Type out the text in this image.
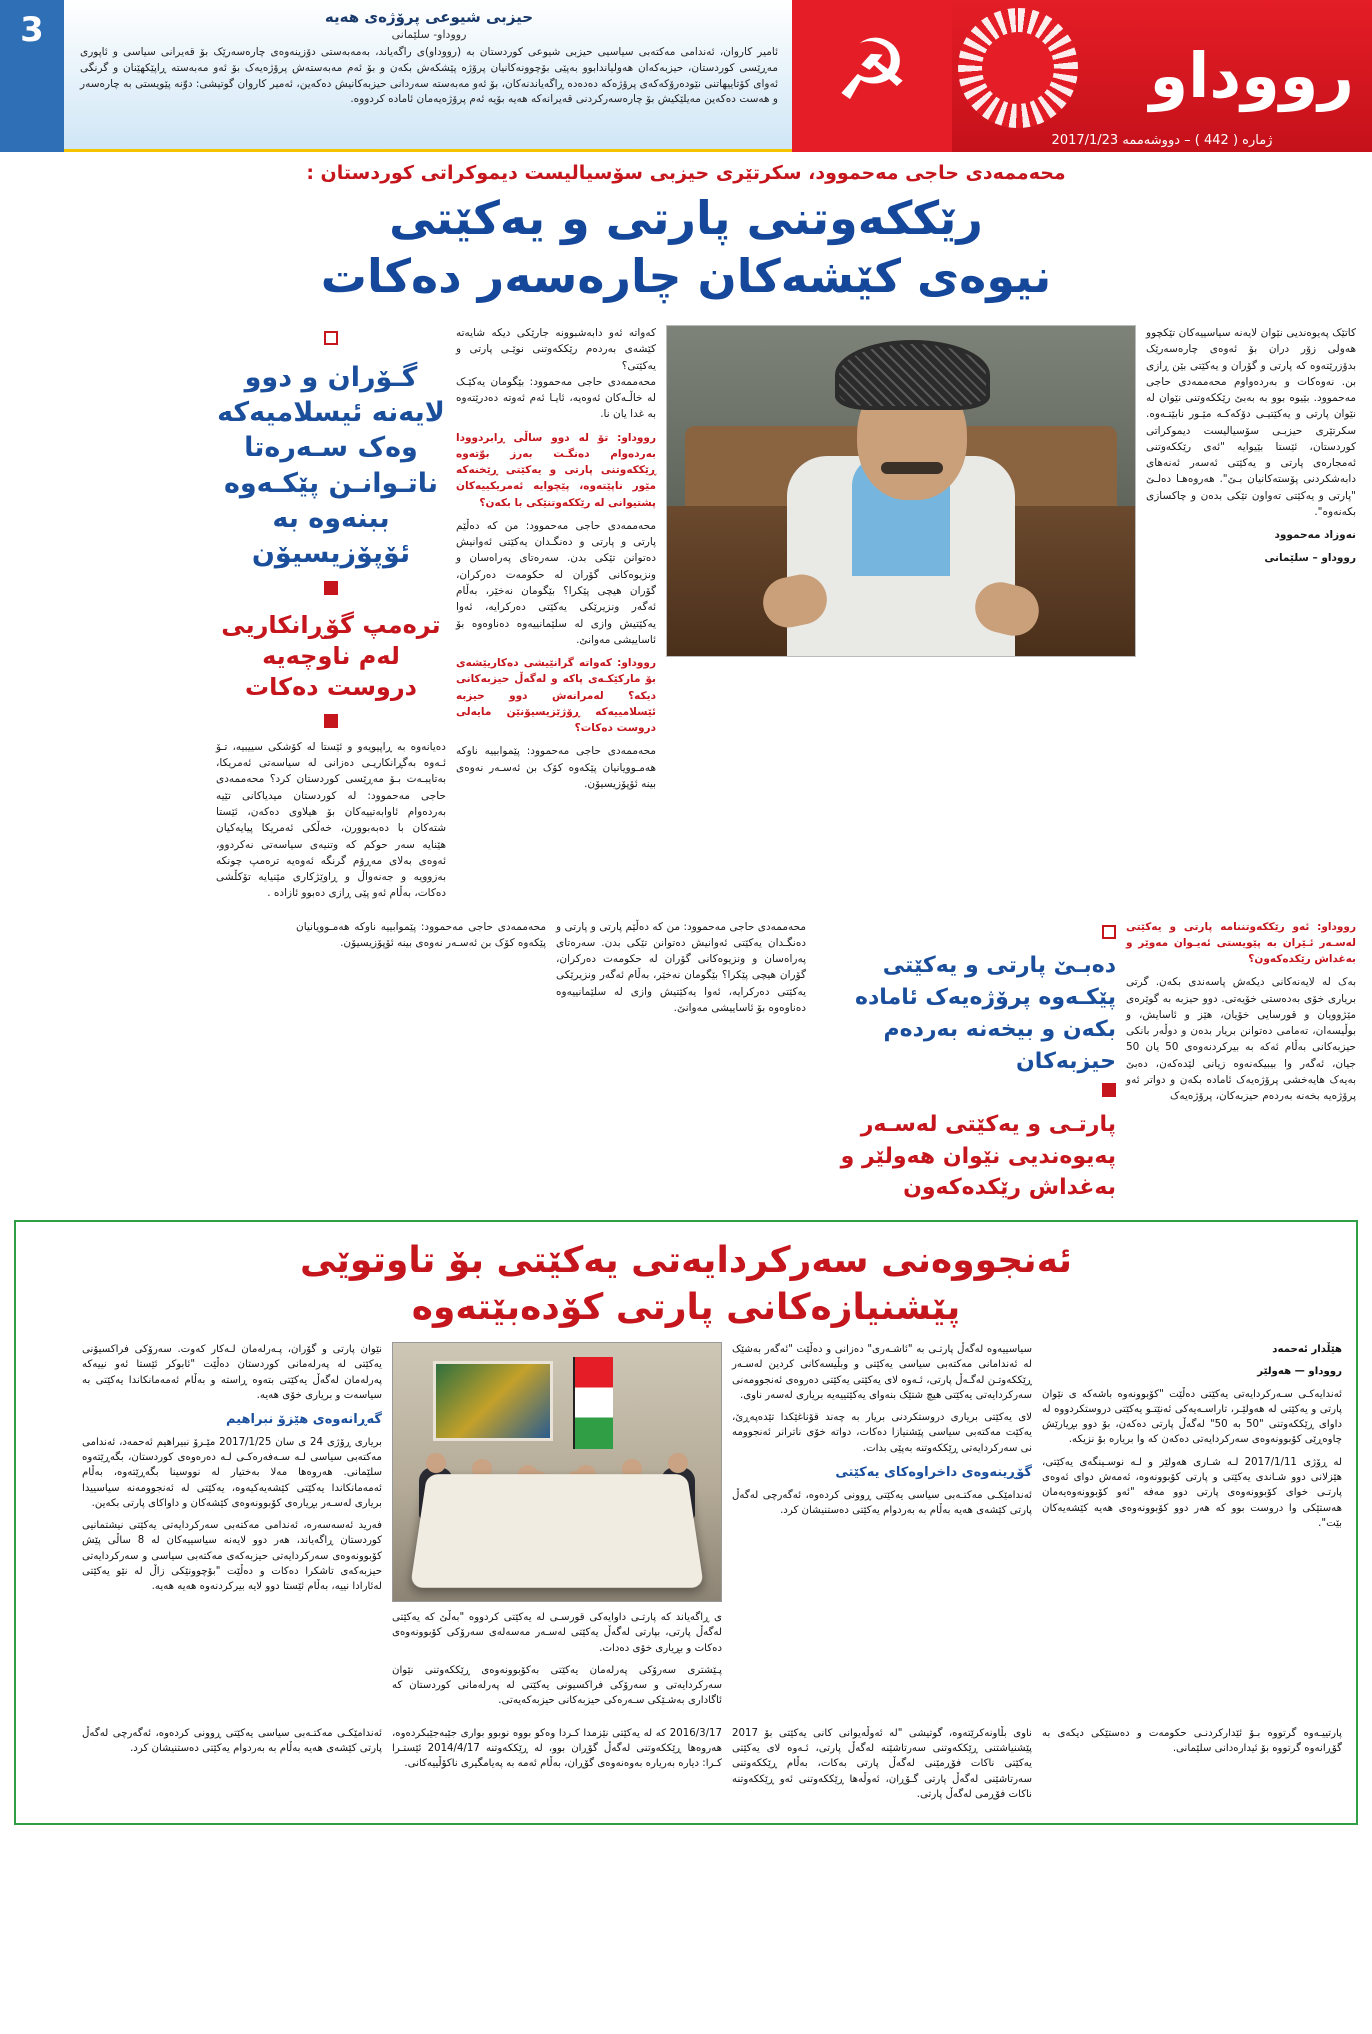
رووداو
ژماره‌ ( 442 ) – دووشه‌ممه‌ 2017/1/23
☭
حیزبی شیوعی پرۆژه‌ی هه‌یه
رووداو- سلێمانی
ئامیر کاروان، ئه‌ندامی مه‌کته‌بی سیاسیی حیزبی شیوعی کوردستان به‌ (رووداو)ی راگه‌یاند، به‌مه‌به‌ستی دۆزینه‌وه‌ی چاره‌سه‌رێک بۆ قه‌یرانی سیاسی و ئاپوری مه‌ڕێسی کوردستان، حیزبه‌که‌ان هه‌ولیاندابوو به‌پێی بۆچوونه‌کانیان پرۆژه‌ پێشکه‌ش بکه‌ن و بۆ ئه‌م مه‌به‌سته‌ش پرۆژه‌یه‌ک بۆ ئه‌و مه‌به‌سته‌ ڕاپێکهێنان و گرنگی ئه‌وای کۆتاییهاتنی نێوده‌رۆکه‌که‌ی پرۆژه‌که‌ ده‌ده‌دە ڕاگه‌یاندنه‌کان، بۆ ئه‌و مه‌به‌سته‌ سه‌ردانی حیزبه‌کانیش ده‌که‌ین، ئه‌میر کاروان گوتیشی: دوّنه‌ پێویستی به‌ چاره‌سه‌ر و هه‌ست ده‌که‌ین مه‌یلێکیش بۆ چاره‌سه‌رکردنی قه‌یرانه‌که‌ هه‌یه‌ بۆیه‌ ئه‌م پرۆژه‌یه‌مان ئاماده‌ کردووه‌.
3
محه‌ممه‌دی حاجی مه‌حموود، سکرتێری حیزبی سۆسیالیست دیموکراتی کوردستان :
رێککه‌وتنی پارتی و یه‌کێتی
نیوه‌ی کێشه‌کان چاره‌سه‌ر ده‌کات

کاتێک په‌یوه‌ندیی نێوان لایه‌نه‌ سیاسییه‌کان تێکچوو هه‌ولی زۆر دران بۆ ئه‌وه‌ی چاره‌سه‌رێک بدۆزرێته‌وه‌ که‌ پارتی و گۆران و یه‌کێتی بێن ڕازی بن. نه‌وه‌کات و به‌رده‌واوم محه‌ممه‌دی حاجی مه‌حموود. بێیوه‌ بوو به‌ بەبێ رێککه‌وتنی نێوان له‌ نێوان پارتی و یه‌کێتیـی دۆکه‌کـه‌ مێـور نابێتـه‌وه‌. سکرتێری حیزبـی سۆسیالیست دیموکراتی کوردستان، ئێستا بێیوایه‌ "ئه‌ی رێککه‌وتنی ئه‌مجاره‌ی پارتی و یه‌کێتی ئه‌سه‌ر ئه‌نه‌های دابه‌شکردنی پۆسته‌کانیان بـێ". هه‌روه‌هـا ده‌لـێ "پارتی و یه‌کێتی ته‌واون تێکی بده‌ن و چاکسازی بکه‌نه‌وه‌".

نه‌وزاد مه‌حموود

رووداو – سلێمانی

که‌واته‌ ئه‌و دابه‌شبوونه‌ جارێکی دیکه‌ شایه‌ته‌ کێشه‌ی به‌رده‌م رێککه‌وتنی نوێـی پارتی و یه‌کێتی؟

محه‌ممه‌دی حاجی مه‌حموود: بێگومان یه‌کێـک له‌ خاڵـه‌کان ئه‌وه‌یه‌، ئایـا ئه‌م ئه‌وته‌ ده‌درێته‌وه‌ به‌ غدا یان نا.

رووداو: تۆ له‌ دوو ساڵی ڕابردوودا به‌رده‌وام ده‌نگـت به‌رز بوّته‌وه‌ ڕێککه‌وتنی پارتی و یه‌کێتی ڕێخنه‌که‌ مێور ناپێته‌وه‌، پێچوایه‌ ئه‌مریکییه‌کان پشتیوانی له‌ رێککه‌وتنێکی با بکه‌ن؟

محه‌ممه‌دی حاجی مه‌حموود: من که‌ ده‌ڵێم پارتی و پارتی و ده‌نگـدان یه‌کێتی ئه‌وانیش ده‌توانن تێکی بدن. سه‌ره‌تای په‌راه‌سان و ونزیوه‌کانی گۆران له‌ حکومه‌ت ده‌رکران، گۆران هیچی پێکرا؟ بێگومان نه‌خێر، به‌ڵام ئه‌گه‌ر ونزیرێکی یه‌کێتی ده‌رکرایه‌، ئه‌وا یه‌کێتیش وازی له‌ سلێمانییه‌وه‌ ده‌ناوه‌وه‌ بۆ ئاساییشی مه‌وانێ.

رووداو: که‌واته‌ گرانێیشی ده‌کاریێشه‌ی بۆ مارکێکـه‌ی پاکه‌ و له‌گه‌ڵ حیزبه‌کانی دیکه‌؟ لەمرانەش دوو حیزبه‌ ئێسلامییه‌که‌ ڕۆژێزیسیۆنێن مایه‌لی دروست ده‌کات؟

محه‌ممه‌دی حاجی مه‌حموود: پێموابییه‌ ناوکه‌ هه‌مـوویانیان پێکه‌وه‌ کۆک بن ئه‌سـه‌ر نه‌وه‌ی بینه‌ ئۆپۆزیسیۆن.

گـۆران و دوو لایه‌نه‌ ئیسلامیه‌که‌ وه‌ک سـه‌ره‌تا ناتـوانـن پێکـه‌وه‌ ببنه‌وه‌ به‌ ئۆپۆزیسیۆن
ترەمپ گۆڕانکاریی له‌م ناوچه‌یه‌ دروست ده‌کات

دەیانه‌وه‌ به‌ ڕاپیویه‌و و ئێستا له‌ کۆشکی سییبیه‌، تـۆ ئـه‌وه‌ به‌گڕانکاریـی دەزانی له‌ سیاسه‌تی ئه‌مریکا، به‌تایبـه‌ت بـۆ مه‌ڕێسی کوردستان کرد؟ محه‌ممه‌دی حاجی مه‌حموود: له‌ کوردستان میدیاکانی تێیه‌ به‌رده‌وام ئاوابه‌تییه‌کان بۆ هیلاوی ده‌که‌ن، ئێستا شتەکان با ده‌به‌بوورن، خه‌ڵکی ئه‌مریکا پیایه‌کیان هێنایه‌ سه‌ر حوکم که‌ وتنیه‌ی سیاسه‌تی نه‌کردوو، ئه‌وه‌ی به‌لای مه‌ڕۆم گرنگه‌ ئه‌وه‌یه‌ ترەمپ چونکه‌ به‌زوویه‌ و جه‌نه‌واڵ و ڕاوێژکاری مێنیایه‌ تۆکڵشی ده‌کات، به‌ڵام ئه‌و پێی ڕازی ده‌بوو ئازاده‌ .

رووداو: ئه‌و رێککه‌وتننامه‌ پارتی و یه‌کێتی له‌سـه‌ر ئـێران به‌ پێویستی ئه‌یـوان مه‌وێر و به‌غداش رێکده‌که‌ون؟

به‌ک له‌ لایه‌نه‌کانی دیکه‌ش پاسه‌ندی بکه‌ن. گرتی بریاری خۆی به‌ده‌ستی خۆیه‌تی. دوو حیزبه‌ به‌ گوێره‌ی مێژوویان و قورسایی خۆیان، هێز و ئاسایش، و بوڵیسه‌ان، ته‌مامی ده‌توانن بریار بده‌ن و دوڵەر بانکی حیزبه‌کانی به‌ڵام ئه‌که‌ به‌ بیرکردنه‌وه‌ی 50 یان 50 جیان، ئه‌گه‌ر وا بیبیکه‌نه‌وه‌ زیانی لێده‌که‌ن، ده‌بێ به‌یه‌ک هایه‌خشی پرۆژه‌یه‌ک ئاماده‌ بکه‌ن و دواتر ئه‌و پرۆژه‌یه‌ بخه‌نه‌ به‌رده‌م حیزبه‌کان، پرۆژه‌یه‌ک

ده‌بـێ پارتی و یه‌کێتی پێکـه‌وه‌ پرۆژه‌یه‌ک ئاماده‌ بکه‌ن و بیخه‌نه‌ به‌رده‌م حیزبه‌کان
پارتـی و یه‌کێتی له‌سـه‌ر په‌یوه‌ندیی نێوان هه‌ولێر و به‌غداش رێکده‌که‌ون

محه‌ممه‌دی حاجی مه‌حموود: من که‌ ده‌ڵێم پارتی و پارتی و ده‌نگـدان یه‌کێتی ئه‌وانیش ده‌توانن تێکی بدن. سه‌ره‌تای په‌راه‌سان و ونزیوه‌کانی گۆران له‌ حکومه‌ت ده‌رکران، گۆران هیچی پێکرا؟ بێگومان نه‌خێر، به‌ڵام ئه‌گه‌ر ونزیرێکی یه‌کێتی ده‌رکرایه‌، ئه‌وا یه‌کێتیش وازی له‌ سلێمانییه‌وه‌ ده‌ناوه‌وه‌ بۆ ئاساییشی مه‌وانێ.

محه‌ممه‌دی حاجی مه‌حموود: پێموابییه‌ ناوکه‌ هه‌مـوویانیان پێکه‌وه‌ کۆک بن ئه‌سـه‌ر نه‌وه‌ی بینه‌ ئۆپۆزیسیۆن.

ئه‌نجووه‌نی سه‌رکردایه‌تی یه‌کێتی بۆ تاوتوێی
پێشنیازه‌کانی پارتی کۆده‌بێته‌وه‌

هێڵدار ئه‌حمه‌د

رووداو — هه‌ولێر

ئه‌ندایه‌کـی سـه‌رکردایه‌تی یه‌کێتی ده‌ڵێت "کۆبوونه‌وه‌ باشه‌که‌ ی نێوان پارتی و یه‌کێتی له‌ هه‌ولێـر، تاراسـه‌یه‌کی ئه‌نێتـو یه‌کێتی دروستکردووه‌ له‌ داوای ڕێککه‌وتنی "50 به‌ 50" له‌گه‌ڵ پارتی ده‌که‌ن، بۆ دوو بڕیارێش چاوه‌ڕێی کۆبوونه‌وه‌ی سه‌رکردایه‌تی ده‌که‌ن که‌ وا بریاره‌ بۆ نزیکه‌.

له‌ ڕۆژی 2017/1/11 لـه‌ شـاری هه‌ولێر و لـه‌ نوسـینگه‌ی یه‌کێتی، هێزلانی دوو شـاندی یه‌کێتی و پارتی کۆبوونه‌وه‌، ئه‌مه‌ش دوای ئه‌وه‌ی پارتـی خوای کۆبوونه‌وه‌ی پارتی دوو مه‌فه‌ "ئه‌و کۆبوونه‌وه‌یه‌مان هه‌ستێکی وا دروست بوو که‌ هه‌ر دوو کۆبوونه‌وه‌ی هه‌یه‌ کێشه‌یه‌کان بێت".

سیاسییه‌وه‌ له‌گه‌ڵ پارتـی به‌ "ئاشـه‌ری" ده‌زانی و ده‌ڵێت "ئه‌گه‌ر به‌شێک له‌ ئه‌ندامانی مه‌کته‌بی سیاسی یه‌کێتی و وبڵیسه‌کانی کردین له‌سـه‌ر ڕێککه‌وتـن له‌گـه‌ڵ پارتی، ئـه‌وه‌ لای یه‌کێتی یه‌کێتی ده‌روه‌ی ئه‌نجوومه‌نی سه‌رکردایه‌تی یه‌کێتی هیچ شتێک بنه‌وای یه‌کێتییه‌یه‌ بریاری له‌سه‌ر ناوی.

لای یه‌کێتی بریاری دروستکردنی بریار به‌ چه‌ند قۆناغێکدا تێده‌په‌ڕێ، یه‌کێت مه‌کته‌بی سیاسی پێشنیازا ده‌کات، دواته‌ خۆی ناترانر ئه‌نجوومه‌ نی سه‌رکردایه‌تی ڕێککه‌وتنه‌ به‌پێی بدات.

گۆڕینه‌وه‌ی داخراوه‌کای یه‌کێتی

ئه‌ندامێکـی مه‌کتـه‌بی سیاسی یه‌کێتی ڕوونی کرده‌وه‌، ئه‌گه‌رچی له‌گه‌ڵ پارتی کێشه‌ی هه‌یه‌ به‌ڵام به‌ به‌ردوام یه‌کێتی ده‌ستنیشان کرد.

ی ڕاگه‌یاند که‌ پارتـی داوایه‌کی قورسـی له‌ یه‌کێتی کردووه‌ "به‌ڵێ که‌ یه‌کێتی له‌گه‌ڵ پارتی، بپارتی له‌گه‌ڵ یه‌کێتی له‌سـه‌ر مه‌سه‌له‌ی سه‌رۆکی کۆبوونه‌وه‌ی ده‌کات و بڕیاری خۆی دەدات.

پـێشتری سه‌رۆکی په‌رله‌مان یه‌کێتی به‌کۆبوونه‌وه‌ی ڕێککه‌وتنی نێوان سه‌رکردایه‌تی و سه‌رۆکی فراکسیونی یه‌کێتی له‌ په‌رله‌مانی کوردستان که‌ ئاگاداری به‌شـێکی سـه‌ره‌کی حیزبه‌کانی حیزبه‌که‌یه‌تی.

نێوان پارتی و گۆران، پـه‌رله‌مان لـه‌کار که‌وت. سه‌رۆکی فراکسیۆنی یه‌کێتی له‌ په‌رله‌مانی کوردستان ده‌ڵێت "ئابوکر ئێستا ئه‌و نییه‌که‌ په‌رله‌مان له‌گه‌ڵ یه‌کێتی بته‌وه‌ ڕاسته‌ و به‌ڵام ئه‌مه‌مانکاندا یه‌کێتی به‌ سیاسه‌ت و بریاری خۆی هه‌یه‌.

گه‌ڕانه‌وه‌ی هێزۆ نبراهیم

بریاری ڕۆژی 24 ی سان 2017/1/25 مێـرۆ نبیراهیم ئه‌حمه‌د، ئه‌ندامی مه‌کته‌بی سیاسی لـه‌ سـه‌فه‌ره‌کـی لـه‌ ده‌ره‌وه‌ی کوردستان، بگه‌ڕێته‌وه‌ سلێمانی. هه‌روه‌ها مه‌لا به‌ختیار له‌ نووسینا بگه‌ڕێته‌وه‌، به‌ڵام ئه‌مه‌مانکاندا یه‌کێتی کێشه‌یه‌کیه‌وه‌، یه‌کێتی له‌ ئه‌نجوومه‌نه‌ سیاسییدا بریاری له‌سـه‌ر بڕیاره‌ی کۆبوونه‌وه‌ی کێشه‌کان و داواکای پارتی بکه‌ین.

فه‌رید ئه‌سه‌سه‌ره‌، ئه‌ندامی مه‌کته‌بی سه‌رکردایه‌تی یه‌کێتی نیشتمانیی کوردستان ڕاگه‌یاند، هه‌ر دوو لایه‌نه‌ سیاسییه‌کان له‌ 8 ساڵی پێش کۆبوونه‌وه‌ی سه‌رکردایه‌تی حیزبه‌که‌ی مه‌کته‌بی سیاسی و سه‌رکردایه‌تی حیزبه‌که‌ی تاشکرا ده‌کات و ده‌ڵێت "بۆچوونێکی زاڵ له‌ نێو یه‌کێتی له‌ئارادا نییه‌، به‌ڵام ئێستا دوو لایه‌ بیرکردنه‌وه‌ هه‌یه‌ هه‌یه‌.

پارتییـه‌وه‌ گرتووه‌ بـۆ ئێدارکردنـی حکومه‌ت و ده‌ستێکی دیکه‌ی به‌ گۆڕانه‌وه‌ گرتووه‌ بۆ ئیدارەدانی سلێمانی.

ناوی بڵاونه‌کرێته‌وه‌، گوتیشی "له‌ ئه‌وڵه‌یوانی کانی یه‌کێتی بۆ 2017 پێشنیاشتنی ڕێککه‌وتنی سه‌رتاشێنه‌ له‌گه‌ڵ پارتی، ئـه‌وه‌ لای یه‌کێتی یه‌کێتی ناکات فۆڕمێنی له‌گه‌ڵ پارتی به‌کات، به‌ڵام ڕێککه‌وتنی سه‌رتاشێنی له‌گه‌ڵ پارتی گـۆڕان، ئه‌وڵه‌ها ڕێککه‌وتنی ئه‌و ڕێککه‌وتنه‌ ناکات فۆڕمی له‌گه‌ڵ پارتی.

2016/3/17 که‌ له‌ یه‌کێتی نێزمدا کـردا وه‌کو بووه‌ نوبوو بواری جێبه‌جێبکرده‌وه‌، هه‌روه‌ها ڕێککه‌وتنی له‌گه‌ڵ گۆڕان بوو، له‌ ڕێککه‌وتنه‌ 2014/4/17 ئێستـرا کـرا: دیارە به‌ریاره‌ به‌وه‌نه‌وه‌ی گۆڕان، به‌ڵام ئه‌مه‌ به‌ په‌یامگیری ناکۆڵییه‌کانی.

ئه‌ندامێکـی مه‌کتـه‌بی سیاسی یه‌کێتی ڕوونی کرده‌وه‌، ئه‌گه‌رچی له‌گه‌ڵ پارتی کێشه‌ی هه‌یه‌ به‌ڵام به‌ به‌ردوام یه‌کێتی ده‌ستنیشان کرد.
